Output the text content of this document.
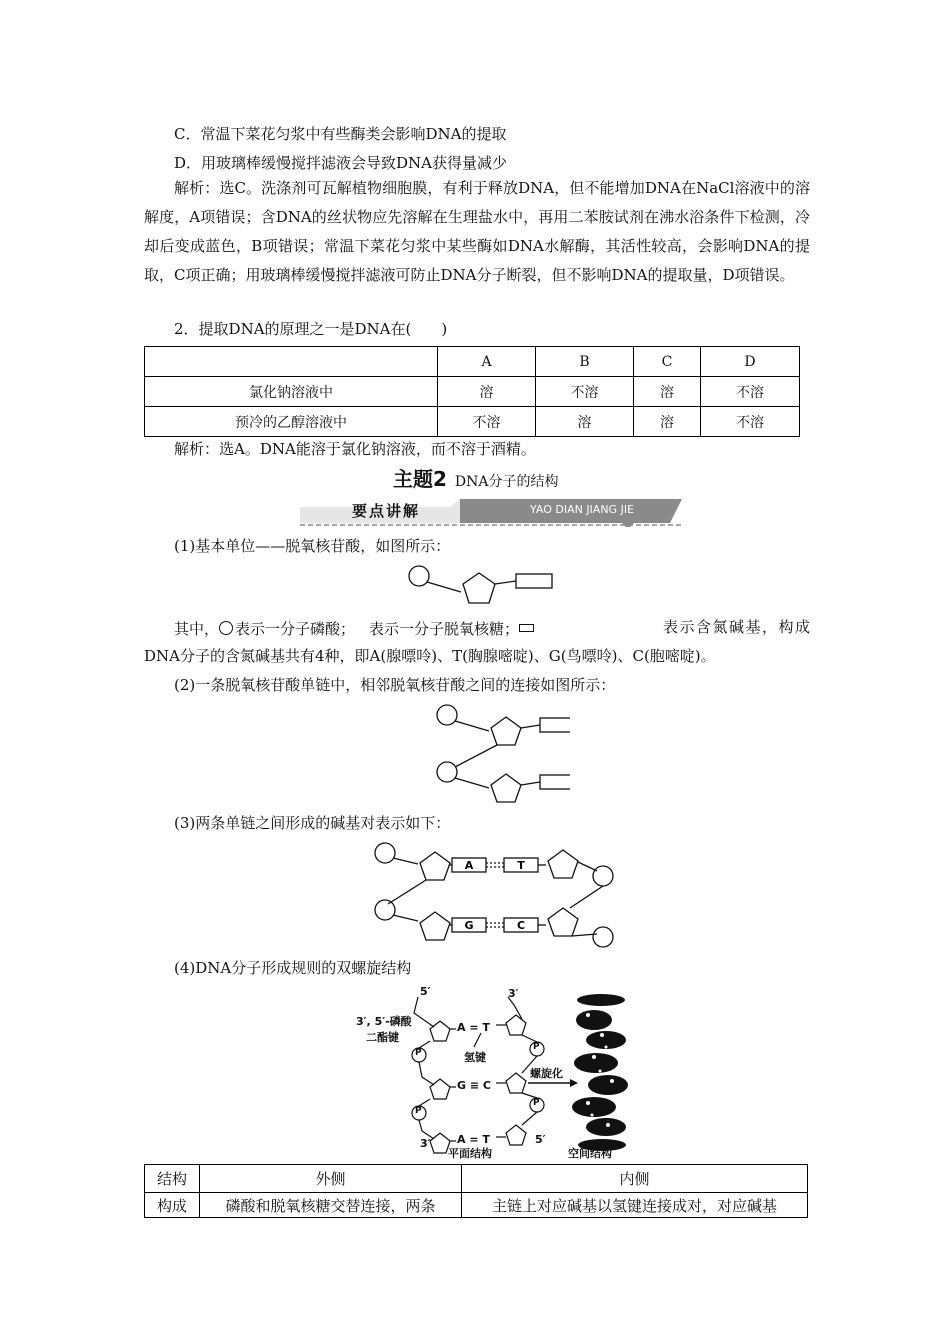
C．常温下菜花匀浆中有些酶类会影响DNA的提取
D．用玻璃棒缓慢搅拌滤液会导致DNA获得量减少
解析：选C。洗涤剂可瓦解植物细胞膜，有利于释放DNA，但不能增加DNA在NaCl溶液中的溶解度，A项错误；含DNA的丝状物应先溶解在生理盐水中，再用二苯胺试剂在沸水浴条件下检测，冷却后变成蓝色，B项错误；常温下菜花匀浆中某些酶如DNA水解酶，其活性较高，会影响DNA的提取，C项正确；用玻璃棒缓慢搅拌滤液可防止DNA分子断裂，但不影响DNA的提取量，D项错误。
2．提取DNA的原理之一是DNA在(　　)
	A	B	C	D
氯化钠溶液中	溶	不溶	溶	不溶
预冷的乙醇溶液中	不溶	溶	溶	不溶
解析：选A。DNA能溶于氯化钠溶液，而不溶于酒精。
主题2 DNA分子的结构
要点讲解	YAO DIAN JIANG JIE
(1)基本单位——脱氧核苷酸，如图所示：
其中， 表示一分子磷酸； 表示一分子脱氧核糖；	表示含氮碱基，构成DNA分子的含氮碱基共有4种，即A(腺嘌呤)、T(胸腺嘧啶)、G(鸟嘌呤)、C(胞嘧啶)。
(2)一条脱氧核苷酸单链中，相邻脱氧核苷酸之间的连接如图所示：
(3)两条单链之间形成的碱基对表示如下：
A	T
G	C
(4)DNA分子形成规则的双螺旋结构
5′	3′
3′, 5′-磷酸
二酯键
P
P
P
P
A = T
氢键
G ≡ C
螺旋化
A = T
3′	5′
平面结构	空间结构
结构	外侧	内侧
构成	磷酸和脱氧核糖交替连接，两条	主链上对应碱基以氢键连接成对，对应碱基
